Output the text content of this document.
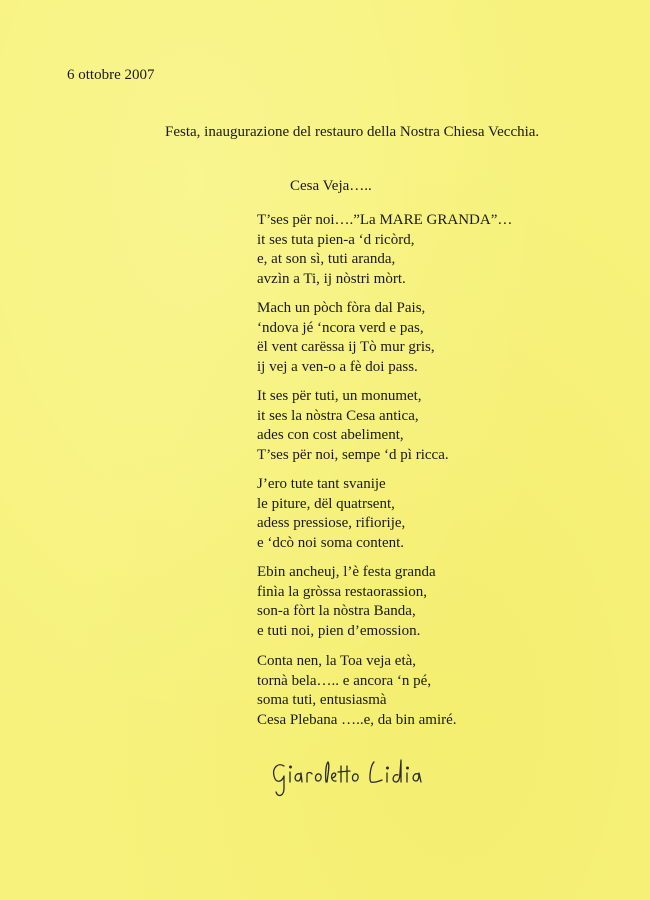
6 ottobre 2007
Festa, inaugurazione del restauro della Nostra Chiesa Vecchia.
Cesa Veja…..
T’ses për noi….”La MARE GRANDA”…
it ses tuta pien-a ‘d ricòrd,
e, at son sì, tuti aranda,
avzìn a Ti, ij nòstri mòrt.
Mach un pòch fòra dal Pais,
‘ndova jé ‘ncora verd e pas,
ël vent carëssa ij Tò mur gris,
ij vej a ven-o a fè doi pass.
It ses për tuti, un monumet,
it ses la nòstra Cesa antica,
ades con cost abeliment,
T’ses për noi, sempe ‘d pì ricca.
J’ero tute tant svanije
le piture, dël quatrsent,
adess pressiose, rifiorije,
e ‘dcò noi soma content.
Ebin ancheuj, l’è festa granda
finìa la gròssa restaorassion,
son-a fòrt la nòstra Banda,
e tuti noi, pien d’emossion.
Conta nen, la Toa veja età,
tornà bela….. e ancora ‘n pé,
soma tuti, entusiasmà
Cesa Plebana …..e, da bin amiré.
